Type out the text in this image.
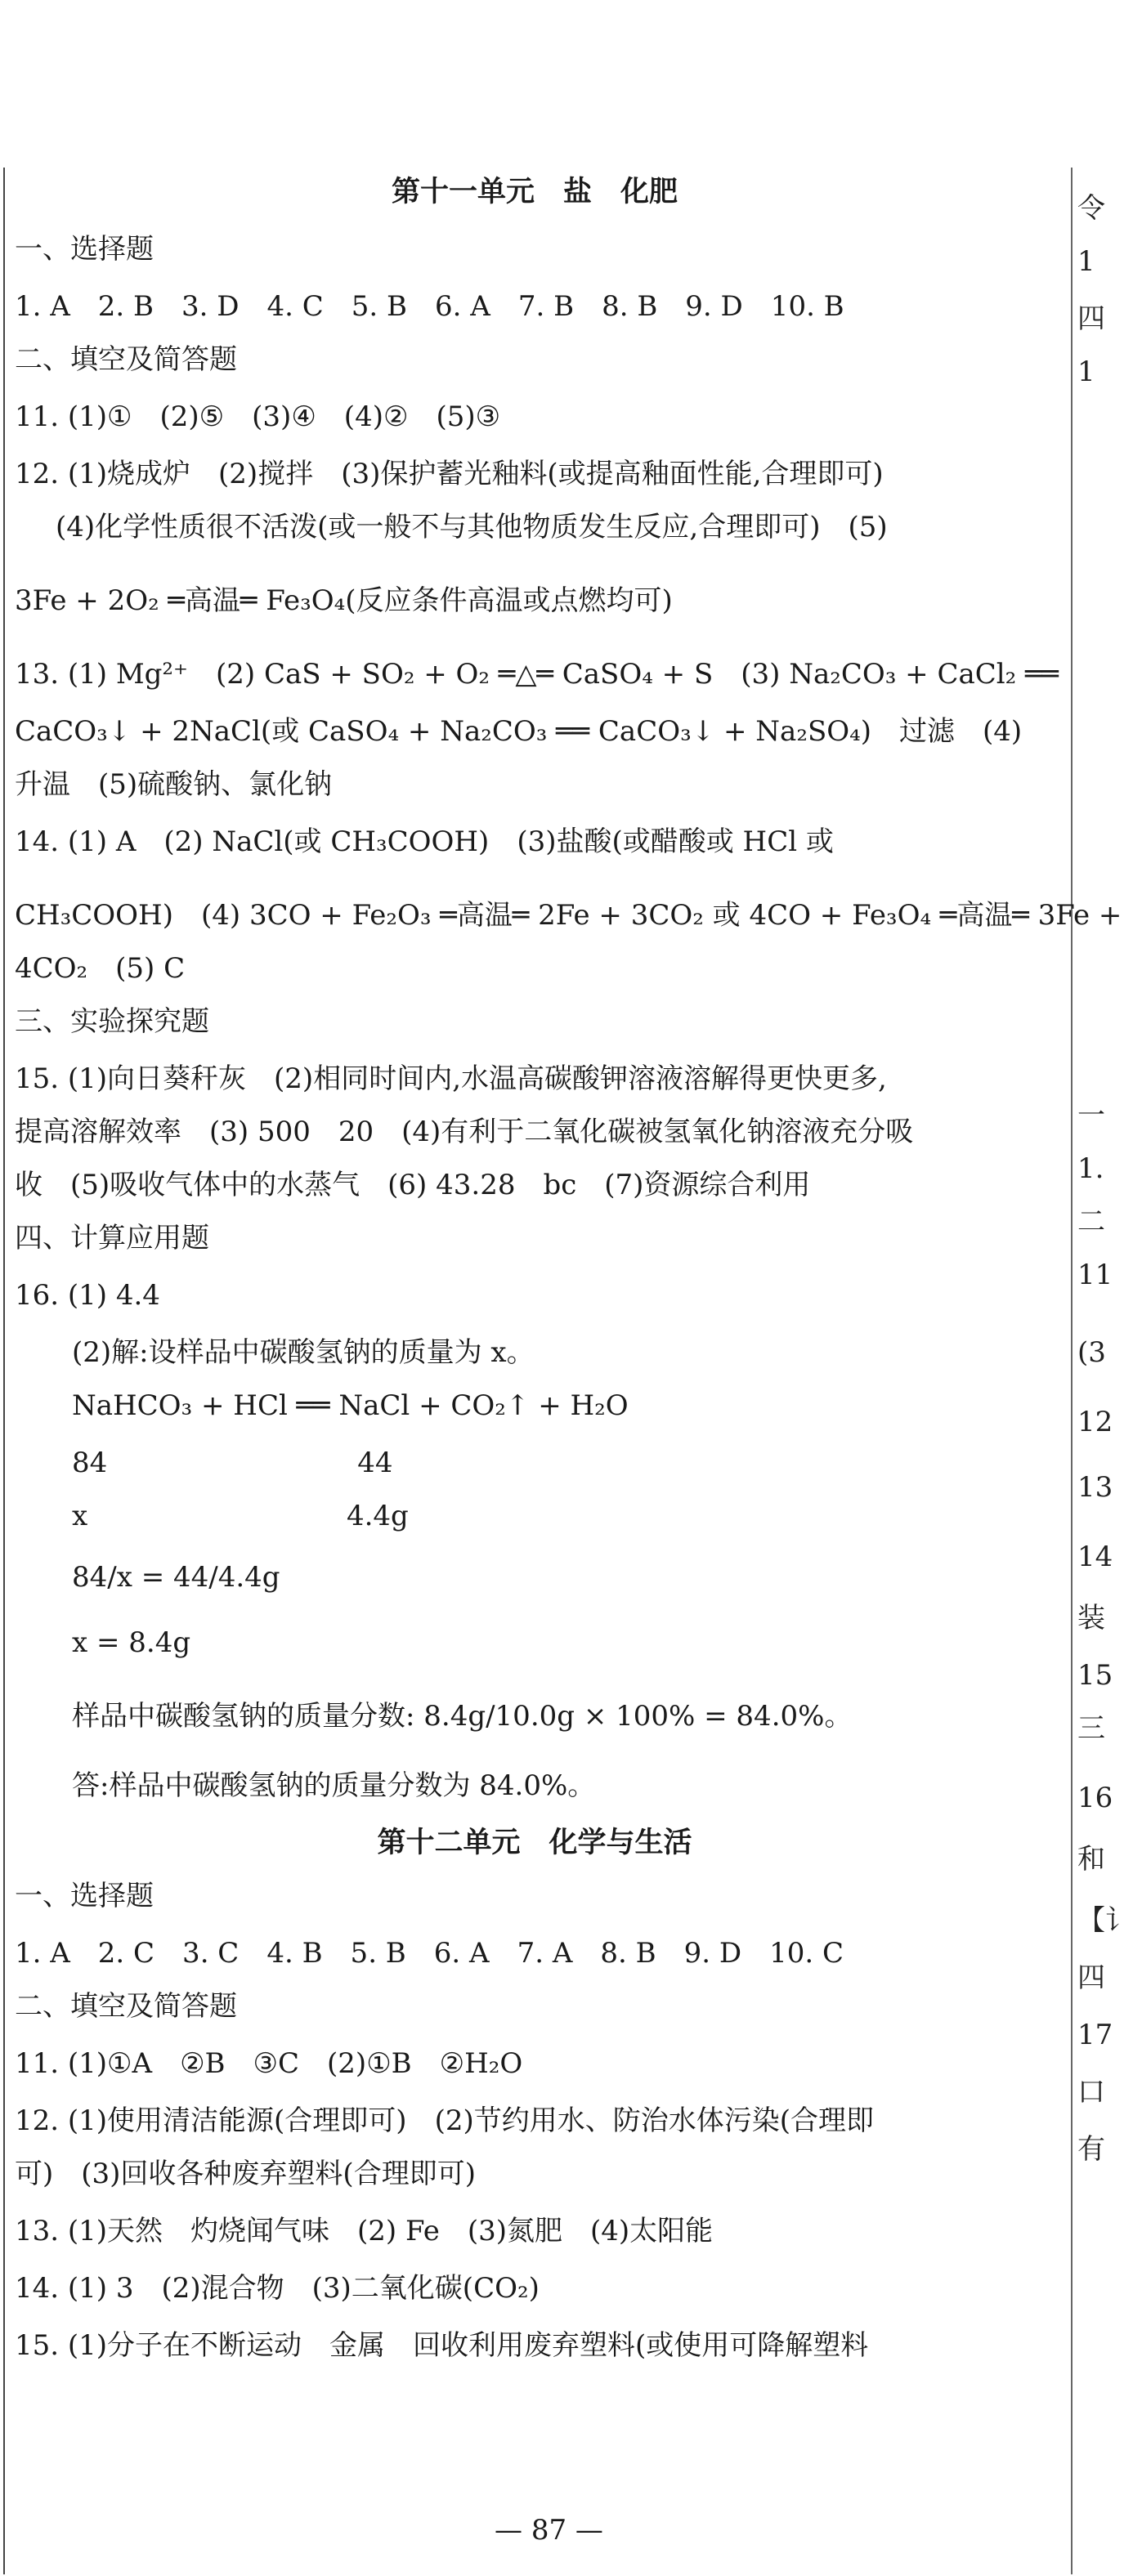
第十一单元　盐　化肥
一、选择题
1. A　2. B　3. D　4. C　5. B　6. A　7. B　8. B　9. D　10. B
二、填空及简答题
11. (1)①　(2)⑤　(3)④　(4)②　(5)③
12. (1)烧成炉　(2)搅拌　(3)保护蓄光釉料(或提高釉面性能,合理即可)
(4)化学性质很不活泼(或一般不与其他物质发生反应,合理即可)　(5)
3Fe + 2O₂ ═高温═ Fe₃O₄(反应条件高温或点燃均可)
13. (1) Mg²⁺　(2) CaS + SO₂ + O₂ ═△═ CaSO₄ + S　(3) Na₂CO₃ + CaCl₂ ══
CaCO₃↓ + 2NaCl(或 CaSO₄ + Na₂CO₃ ══ CaCO₃↓ + Na₂SO₄)　过滤　(4)
升温　(5)硫酸钠、氯化钠
14. (1) A　(2) NaCl(或 CH₃COOH)　(3)盐酸(或醋酸或 HCl 或
CH₃COOH)　(4) 3CO + Fe₂O₃ ═高温═ 2Fe + 3CO₂ 或 4CO + Fe₃O₄ ═高温═ 3Fe +
4CO₂　(5) C
三、实验探究题
15. (1)向日葵秆灰　(2)相同时间内,水温高碳酸钾溶液溶解得更快更多,
提高溶解效率　(3) 500　20　(4)有利于二氧化碳被氢氧化钠溶液充分吸
收　(5)吸收气体中的水蒸气　(6) 43.28　bc　(7)资源综合利用
四、计算应用题
16. (1) 4.4
(2)解:设样品中碳酸氢钠的质量为 x。
NaHCO₃ + HCl ══ NaCl + CO₂↑ + H₂O
84　　　　　　　　　44
x　　　　　　　　　 4.4g
84/x = 44/4.4g
x = 8.4g
样品中碳酸氢钠的质量分数: 8.4g/10.0g × 100% = 84.0%。
答:样品中碳酸氢钠的质量分数为 84.0%。
第十二单元　化学与生活
一、选择题
1. A　2. C　3. C　4. B　5. B　6. A　7. A　8. B　9. D　10. C
二、填空及简答题
11. (1)①A　②B　③C　(2)①B　②H₂O
12. (1)使用清洁能源(合理即可)　(2)节约用水、防治水体污染(合理即
可)　(3)回收各种废弃塑料(合理即可)
13. (1)天然　灼烧闻气味　(2) Fe　(3)氮肥　(4)太阳能
14. (1) 3　(2)混合物　(3)二氧化碳(CO₂)
15. (1)分子在不断运动　金属　回收利用废弃塑料(或使用可降解塑料
令
1
四
1
一
1.
二
11
(3
12
13
14
装
15
三
16
和
【讠
四
17
口
有
— 87 —
